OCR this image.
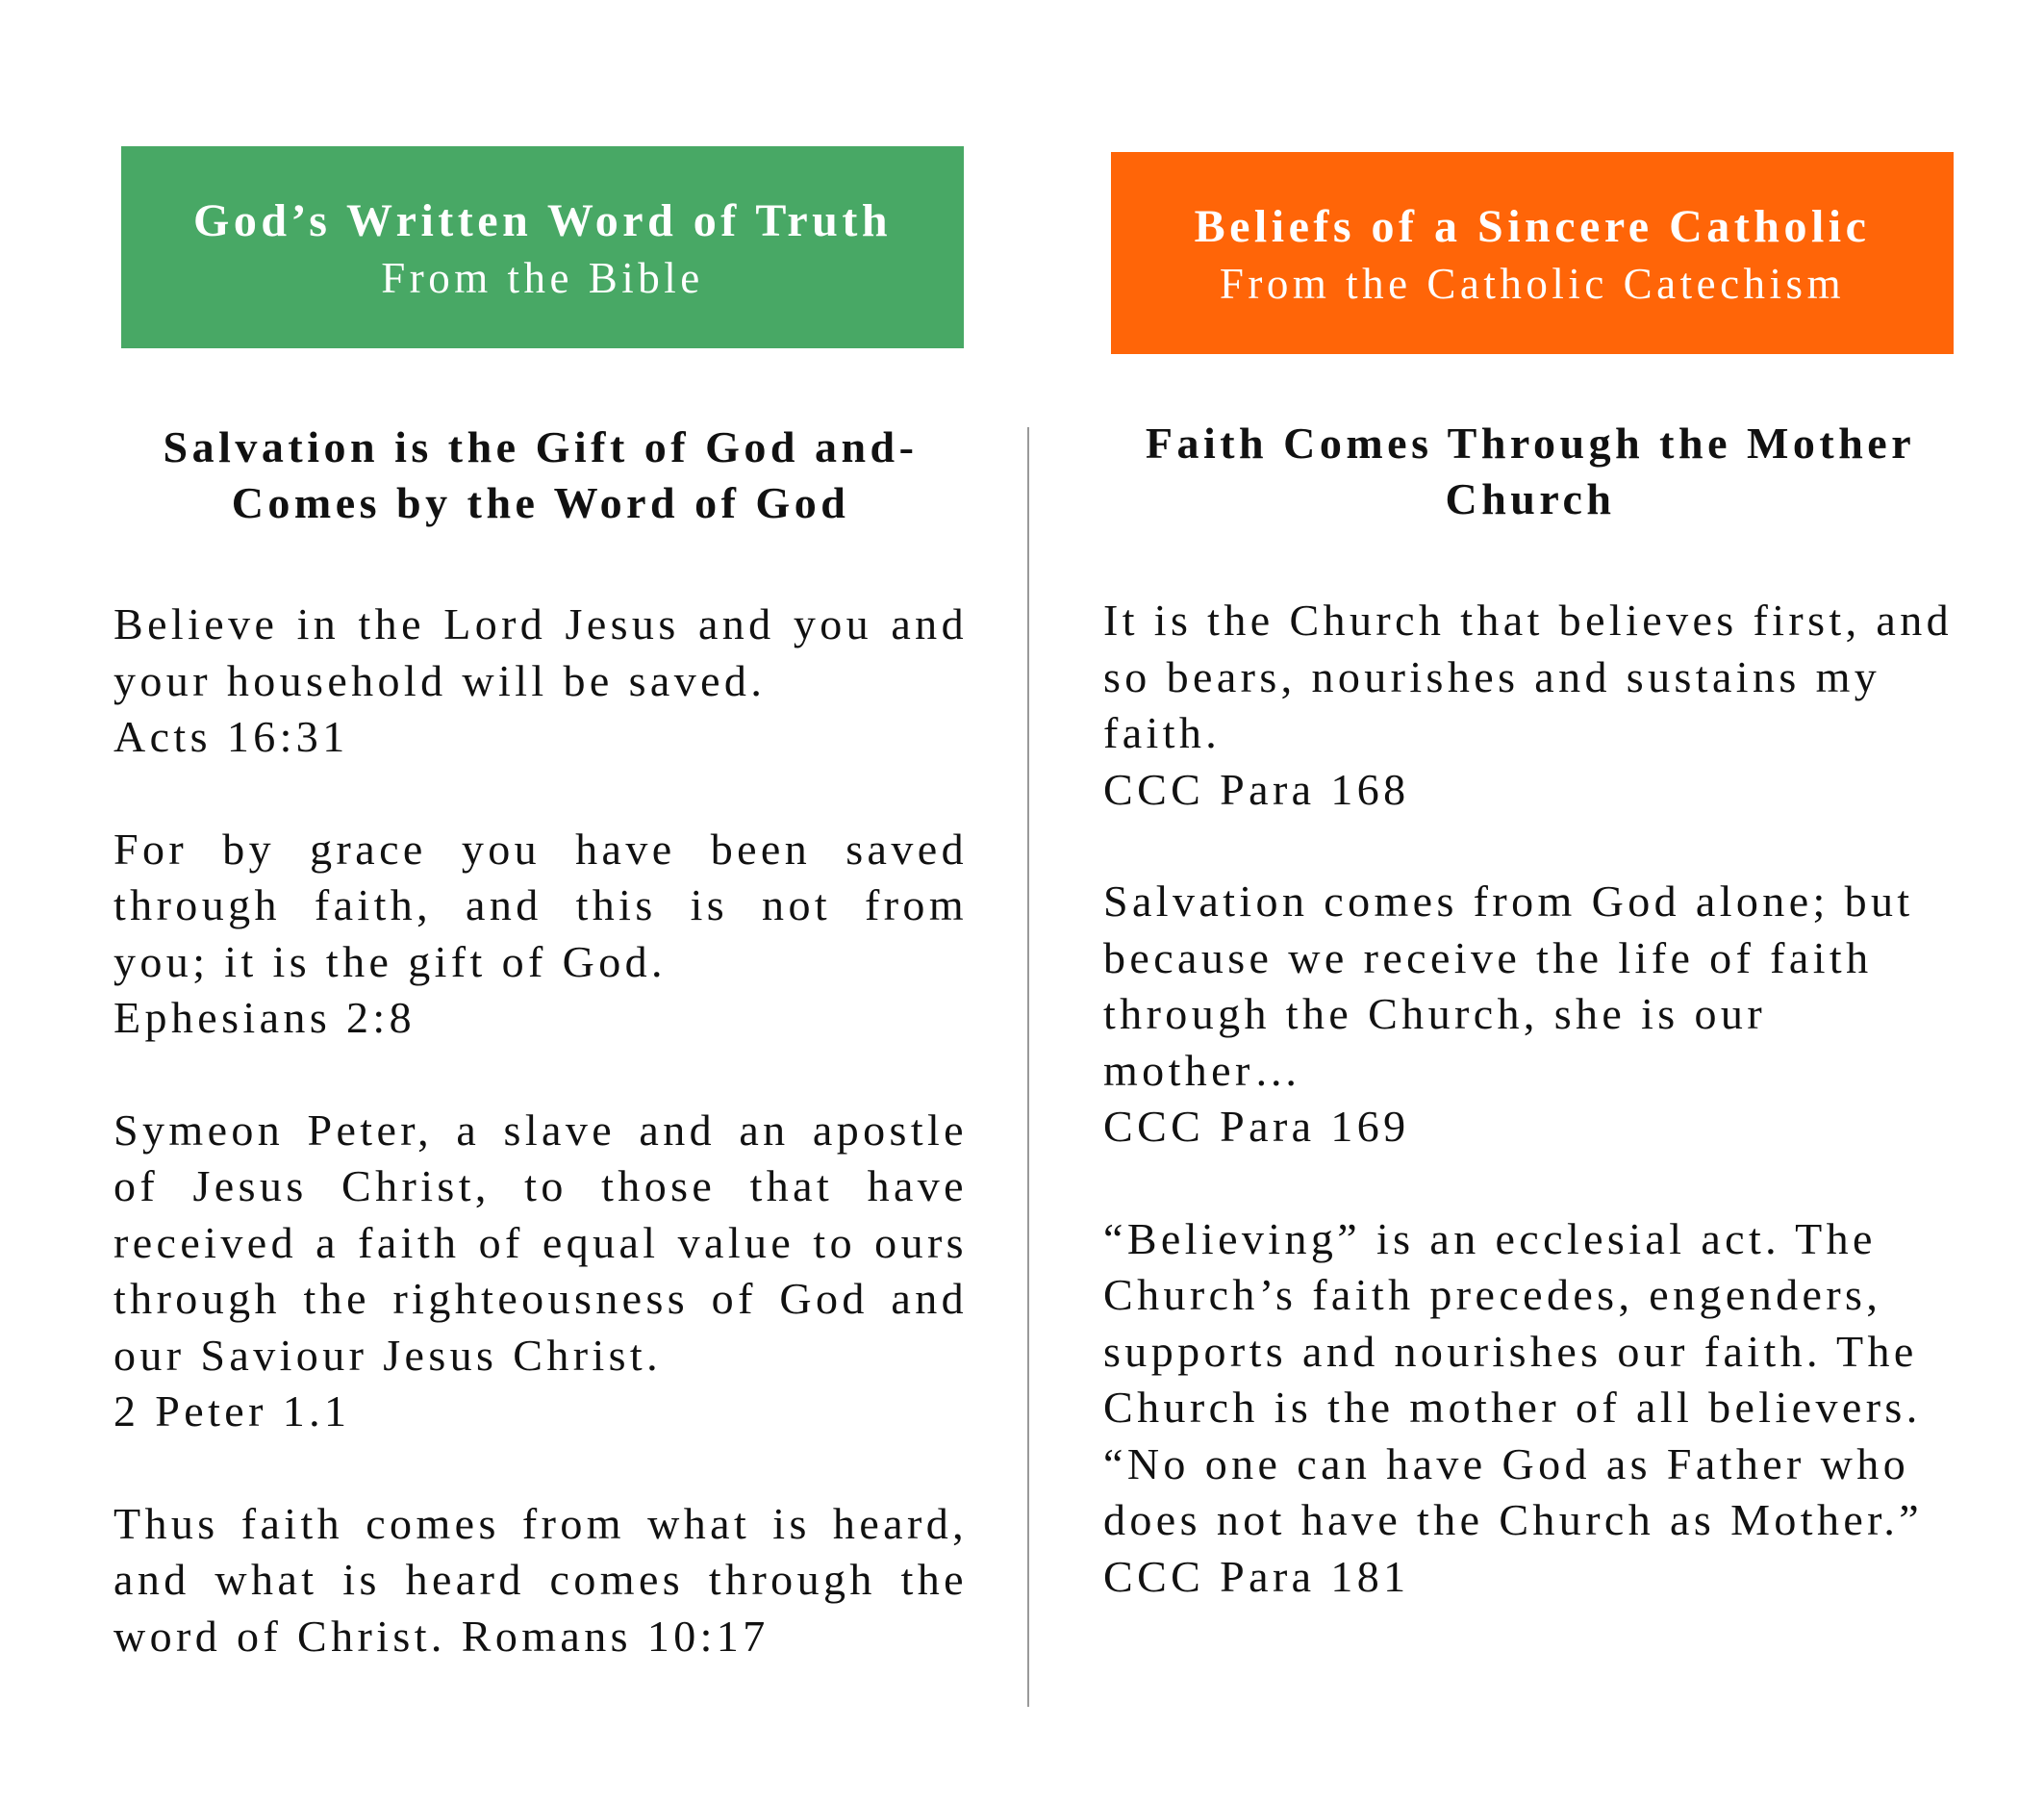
God’s Written Word of Truth
From the Bible
Beliefs of a Sincere Catholic
From the Catholic Catechism
Salvation is the Gift of God and-
Comes by the Word of God
Believe in the Lord Jesus and you and your household will be saved.
Acts 16:31
For by grace you have been saved through faith, and this is not from you; it is the gift of God.
Ephesians 2:8
Symeon Peter, a slave and an apostle of Jesus Christ, to those that have received a faith of equal value to ours through the righteousness of God and our Saviour Jesus Christ.
2 Peter 1.1
Thus faith comes from what is heard, and what is heard comes through the word of Christ. Romans 10:17
Faith Comes Through the Mother
Church
It is the Church that believes first, and so bears, nourishes and sustains my faith.
CCC Para 168
Salvation comes from God alone; but because we receive the life of faith through the Church, she is our mother…
CCC Para 169
“Believing” is an ecclesial act. The Church’s faith precedes, engenders, supports and nourishes our faith. The Church is the mother of all believers. “No one can have God as Father who does not have the Church as Mother.”
CCC Para 181
